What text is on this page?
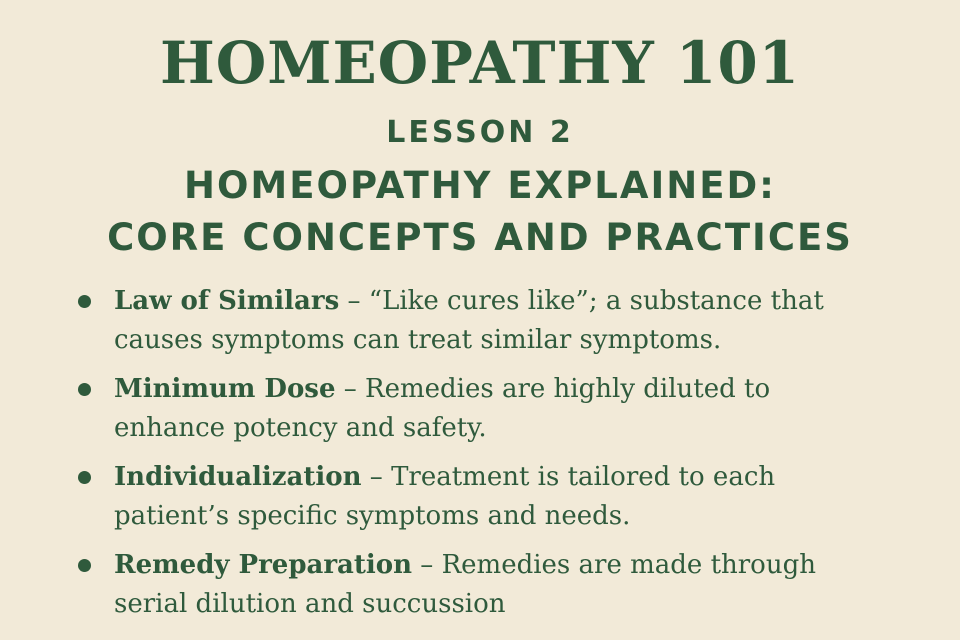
HOMEOPATHY 101
LESSON 2
HOMEOPATHY EXPLAINED:
CORE CONCEPTS AND PRACTICES
Law of Similars – “Like cures like”; a substance that causes symptoms can treat similar symptoms.
Minimum Dose – Remedies are highly diluted to enhance potency and safety.
Individualization – Treatment is tailored to each patient’s specific symptoms and needs.
Remedy Preparation – Remedies are made through serial dilution and succussion
